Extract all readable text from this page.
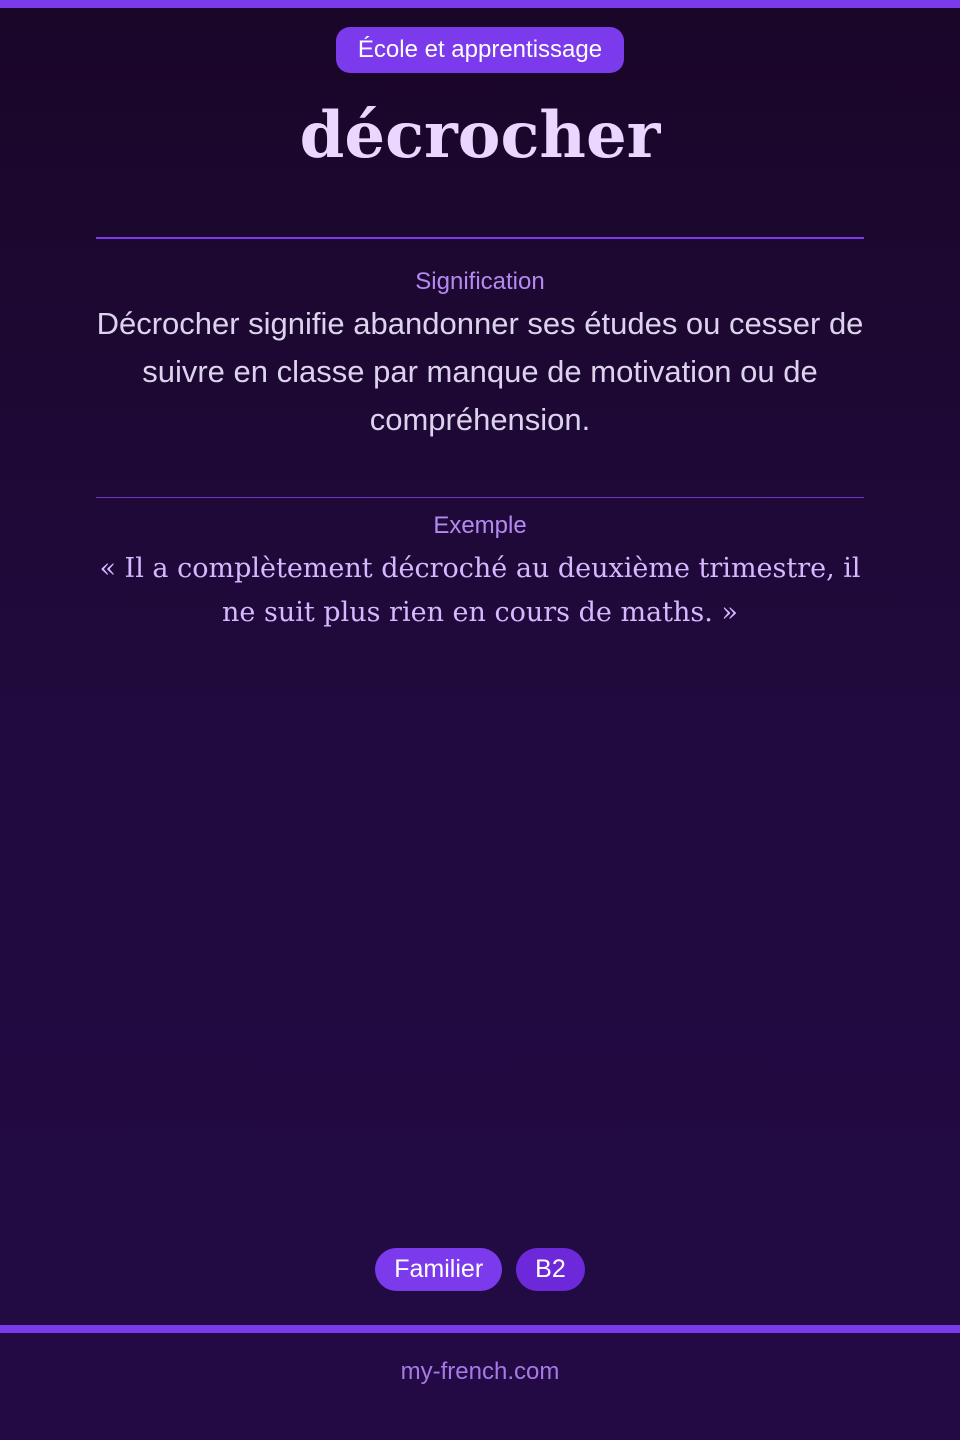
École et apprentissage
décrocher
Signification
Décrocher signifie abandonner ses études ou cesser de suivre en classe par manque de motivation ou de compréhension.
Exemple
« Il a complètement décroché au deuxième trimestre, il ne suit plus rien en cours de maths. »
Familier	B2
my-french.com
